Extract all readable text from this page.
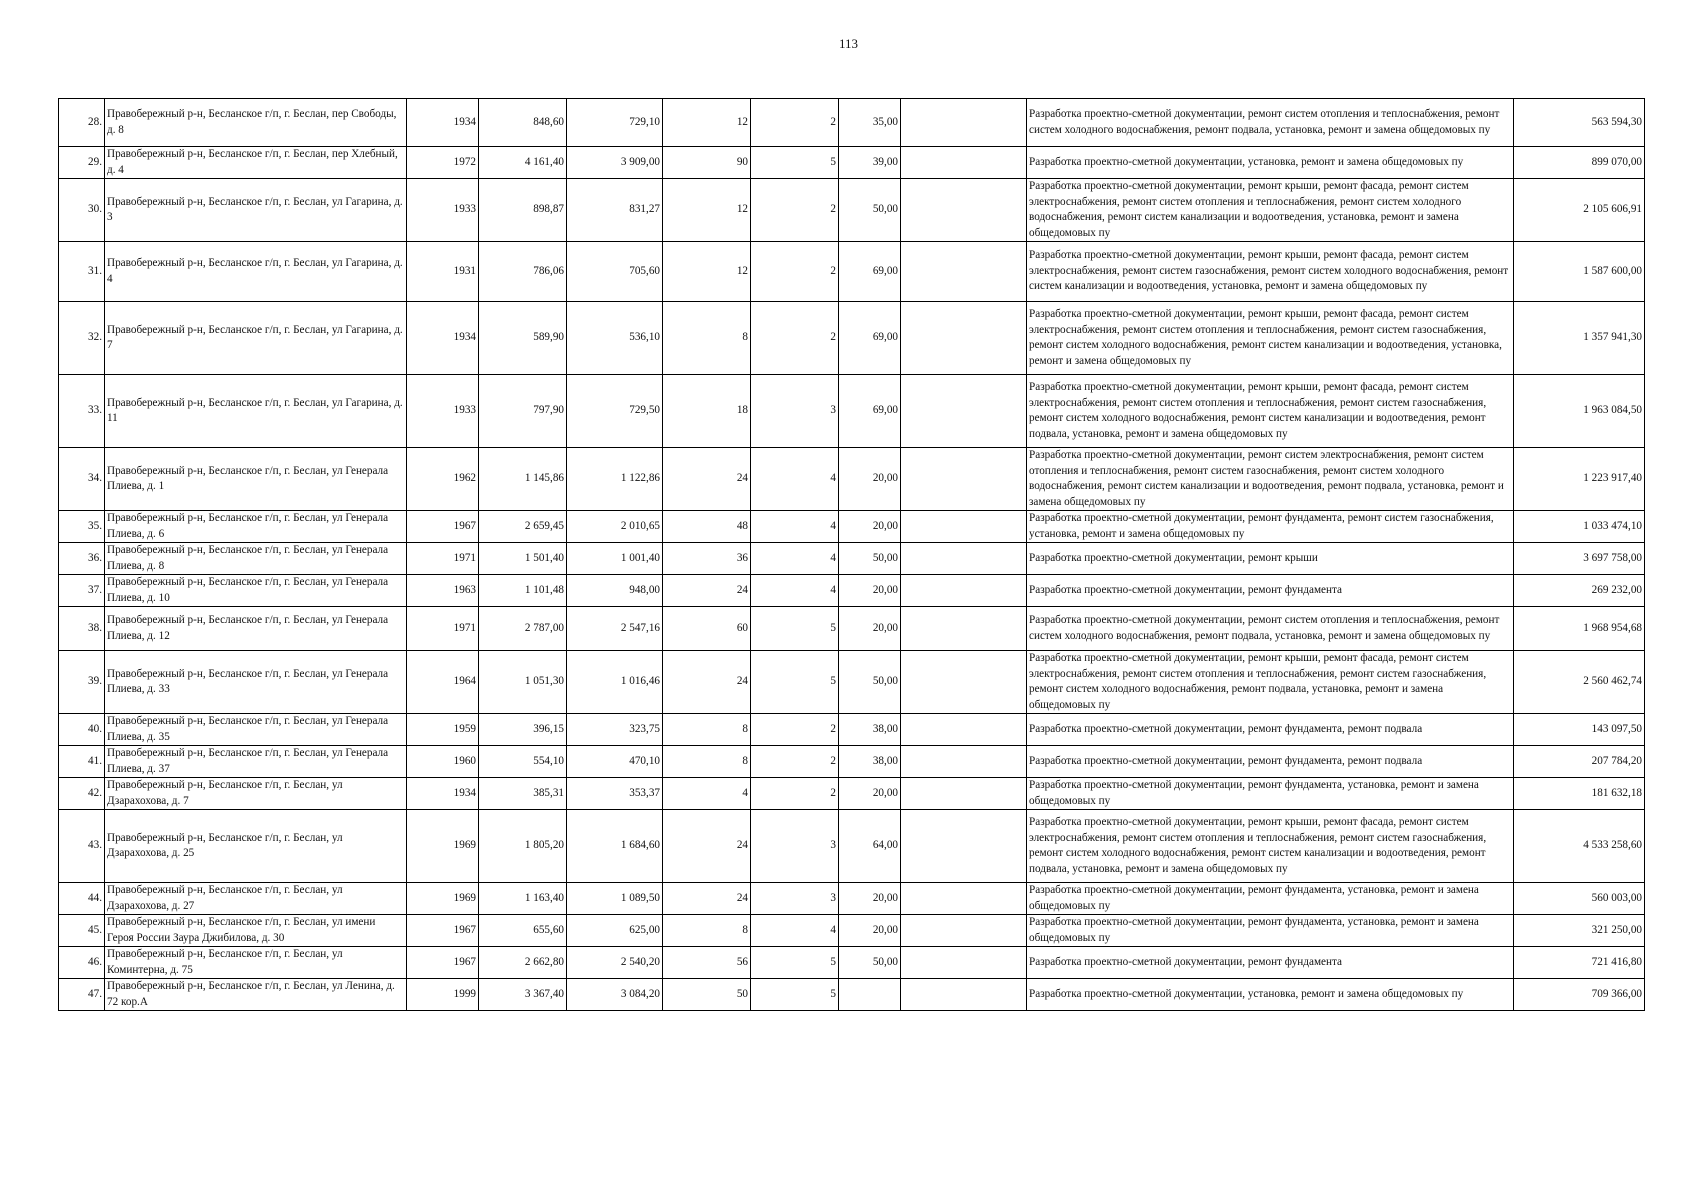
113
28.	Правобережный р-н, Бесланское г/п, г. Беслан, пер Свободы, д. 8	1934	848,60	729,10	12	2	35,00		Разработка проектно-сметной документации, ремонт систем отопления и теплоснабжения, ремонт систем холодного водоснабжения, ремонт подвала, установка, ремонт и замена общедомовых пу	563 594,30
29.	Правобережный р-н, Бесланское г/п, г. Беслан, пер Хлебный, д. 4	1972	4 161,40	3 909,00	90	5	39,00		Разработка проектно-сметной документации, установка, ремонт и замена общедомовых пу	899 070,00
30.	Правобережный р-н, Бесланское г/п, г. Беслан, ул Гагарина, д. 3	1933	898,87	831,27	12	2	50,00		Разработка проектно-сметной документации, ремонт крыши, ремонт фасада, ремонт систем электроснабжения, ремонт систем отопления и теплоснабжения, ремонт систем холодного водоснабжения, ремонт систем канализации и водоотведения, установка, ремонт и замена общедомовых пу	2 105 606,91
31.	Правобережный р-н, Бесланское г/п, г. Беслан, ул Гагарина, д. 4	1931	786,06	705,60	12	2	69,00		Разработка проектно-сметной документации, ремонт крыши, ремонт фасада, ремонт систем электроснабжения, ремонт систем газоснабжения, ремонт систем холодного водоснабжения, ремонт систем канализации и водоотведения, установка, ремонт и замена общедомовых пу	1 587 600,00
32.	Правобережный р-н, Бесланское г/п, г. Беслан, ул Гагарина, д. 7	1934	589,90	536,10	8	2	69,00		Разработка проектно-сметной документации, ремонт крыши, ремонт фасада, ремонт систем электроснабжения, ремонт систем отопления и теплоснабжения, ремонт систем газоснабжения, ремонт систем холодного водоснабжения, ремонт систем канализации и водоотведения, установка, ремонт и замена общедомовых пу	1 357 941,30
33.	Правобережный р-н, Бесланское г/п, г. Беслан, ул Гагарина, д. 11	1933	797,90	729,50	18	3	69,00		Разработка проектно-сметной документации, ремонт крыши, ремонт фасада, ремонт систем электроснабжения, ремонт систем отопления и теплоснабжения, ремонт систем газоснабжения, ремонт систем холодного водоснабжения, ремонт систем канализации и водоотведения, ремонт подвала, установка, ремонт и замена общедомовых пу	1 963 084,50
34.	Правобережный р-н, Бесланское г/п, г. Беслан, ул Генерала Плиева, д. 1	1962	1 145,86	1 122,86	24	4	20,00		Разработка проектно-сметной документации, ремонт систем электроснабжения, ремонт систем отопления и теплоснабжения, ремонт систем газоснабжения, ремонт систем холодного водоснабжения, ремонт систем канализации и водоотведения, ремонт подвала, установка, ремонт и замена общедомовых пу	1 223 917,40
35.	Правобережный р-н, Бесланское г/п, г. Беслан, ул Генерала Плиева, д. 6	1967	2 659,45	2 010,65	48	4	20,00		Разработка проектно-сметной документации, ремонт фундамента, ремонт систем газоснабжения, установка, ремонт и замена общедомовых пу	1 033 474,10
36.	Правобережный р-н, Бесланское г/п, г. Беслан, ул Генерала Плиева, д. 8	1971	1 501,40	1 001,40	36	4	50,00		Разработка проектно-сметной документации, ремонт крыши	3 697 758,00
37.	Правобережный р-н, Бесланское г/п, г. Беслан, ул Генерала Плиева, д. 10	1963	1 101,48	948,00	24	4	20,00		Разработка проектно-сметной документации, ремонт фундамента	269 232,00
38.	Правобережный р-н, Бесланское г/п, г. Беслан, ул Генерала Плиева, д. 12	1971	2 787,00	2 547,16	60	5	20,00		Разработка проектно-сметной документации, ремонт систем отопления и теплоснабжения, ремонт систем холодного водоснабжения, ремонт подвала, установка, ремонт и замена общедомовых пу	1 968 954,68
39.	Правобережный р-н, Бесланское г/п, г. Беслан, ул Генерала Плиева, д. 33	1964	1 051,30	1 016,46	24	5	50,00		Разработка проектно-сметной документации, ремонт крыши, ремонт фасада, ремонт систем электроснабжения, ремонт систем отопления и теплоснабжения, ремонт систем газоснабжения, ремонт систем холодного водоснабжения, ремонт подвала, установка, ремонт и замена общедомовых пу	2 560 462,74
40.	Правобережный р-н, Бесланское г/п, г. Беслан, ул Генерала Плиева, д. 35	1959	396,15	323,75	8	2	38,00		Разработка проектно-сметной документации, ремонт фундамента, ремонт подвала	143 097,50
41.	Правобережный р-н, Бесланское г/п, г. Беслан, ул Генерала Плиева, д. 37	1960	554,10	470,10	8	2	38,00		Разработка проектно-сметной документации, ремонт фундамента, ремонт подвала	207 784,20
42.	Правобережный р-н, Бесланское г/п, г. Беслан, ул Дзарахохова, д. 7	1934	385,31	353,37	4	2	20,00		Разработка проектно-сметной документации, ремонт фундамента, установка, ремонт и замена общедомовых пу	181 632,18
43.	Правобережный р-н, Бесланское г/п, г. Беслан, ул Дзарахохова, д. 25	1969	1 805,20	1 684,60	24	3	64,00		Разработка проектно-сметной документации, ремонт крыши, ремонт фасада, ремонт систем электроснабжения, ремонт систем отопления и теплоснабжения, ремонт систем газоснабжения, ремонт систем холодного водоснабжения, ремонт систем канализации и водоотведения, ремонт подвала, установка, ремонт и замена общедомовых пу	4 533 258,60
44.	Правобережный р-н, Бесланское г/п, г. Беслан, ул Дзарахохова, д. 27	1969	1 163,40	1 089,50	24	3	20,00		Разработка проектно-сметной документации, ремонт фундамента, установка, ремонт и замена общедомовых пу	560 003,00
45.	Правобережный р-н, Бесланское г/п, г. Беслан, ул имени Героя России Заура Джибилова, д. 30	1967	655,60	625,00	8	4	20,00		Разработка проектно-сметной документации, ремонт фундамента, установка, ремонт и замена общедомовых пу	321 250,00
46.	Правобережный р-н, Бесланское г/п, г. Беслан, ул Коминтерна, д. 75	1967	2 662,80	2 540,20	56	5	50,00		Разработка проектно-сметной документации, ремонт фундамента	721 416,80
47.	Правобережный р-н, Бесланское г/п, г. Беслан, ул Ленина, д. 72 кор.А	1999	3 367,40	3 084,20	50	5			Разработка проектно-сметной документации, установка, ремонт и замена общедомовых пу	709 366,00
